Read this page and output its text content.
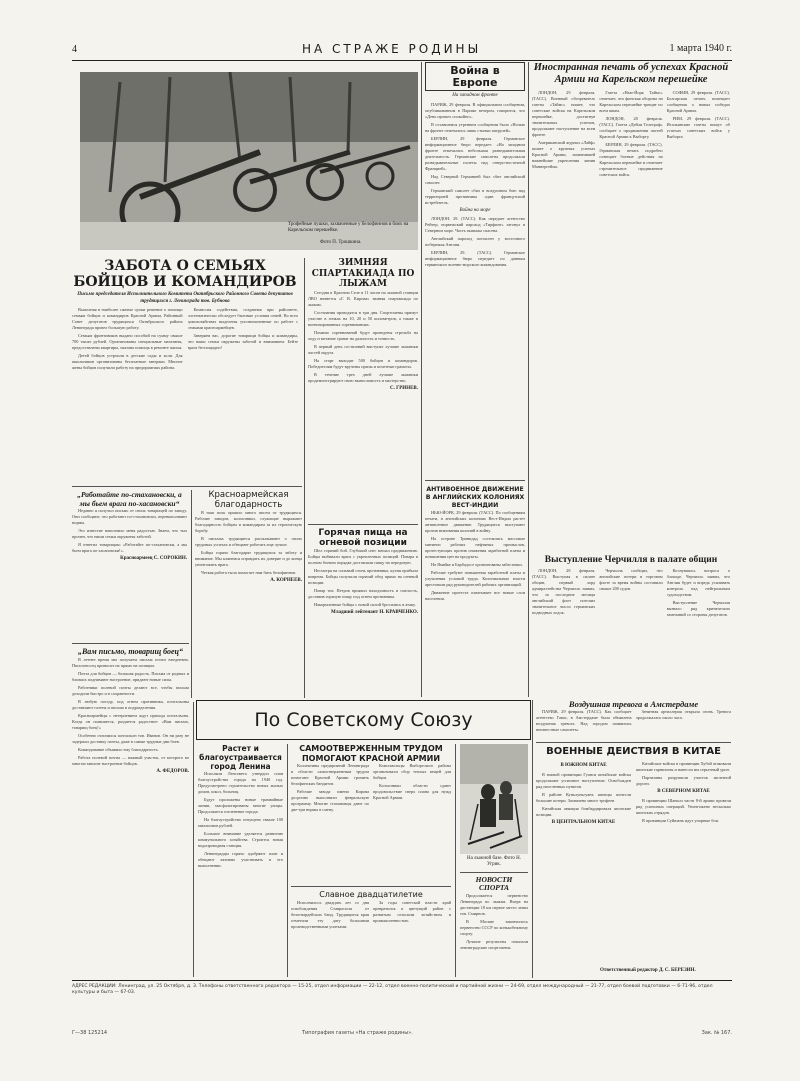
4	НА СТРАЖЕ РОДИНЫ	1 марта 1940 г.
Трофейные пушки, захваченные у белофиннов в боях на Карельском перешейке.
Фото П. Трошкина.

Война в Европе

На западном фронте

ПАРИЖ, 29 февраля. В официальном сообщении, опубликованном в Париже вечером, говорится, что «День прошел спокойно».

В оставшемся утреннем сообщении было «Ночью на фронте отмечались лишь стычки патрулей».

БЕРЛИН, 29 февраля. Германское информационное бюро передает: «На западном фронте отмечалась небольшая разведывательная деятельность. Германские самолеты продолжали разведывательные полеты над северо-восточной Францией».

Над Северной Германией был сбит английский самолет.

Германский самолет сбил в воздушном бою над территорией противника один французский истребитель.

Война на море

ЛОНДОН, 29. (ТАСС). Как передает агентство Рейтер, норвежский пароход «Тирфинг» затонул в Северном море. Часть экипажа спасена.

Английский пароход потоплен у восточного побережья Англии.

БЕРЛИН, 29. (ТАСС). Германское информационное бюро передает по данным германского военно-морского командования.

Иностранная печать об успехах Красной Армии на Карельском перешейке

ЛОНДОН, 29 февраля. (ТАСС). Военный обозреватель газеты «Таймс» пишет, что советские войска на Карельском перешейке, достигнув значительных успехов, продолжают наступление на всем фронте.

Американский журнал «Лайф» пишет о крупных успехах Красной Армии, захватившей важнейшие укрепления линии Маннергейма.

Газета «Нью-Йорк Таймс» отмечает, что финская оборона на Карельском перешейке трещит по всем швам.

ЛОНДОН, 28 февраля. (ТАСС). Газета «Дейли Телеграф» сообщает о продвижении частей Красной Армии к Выборгу.

БЕРЛИН, 29 февраля. (ТАСС). Германская печать подробно освещает боевые действия на Карельском перешейке и отмечает стремительное продвижение советских войск.

СОФИЯ, 29 февраля. (ТАСС). Болгарская печать помещает сообщения о новых победах Красной Армии.

РИМ, 29 февраля. (ТАСС). Итальянские газеты пишут об успехах советских войск у Выборга.

АНТИВОЕННОЕ ДВИЖЕНИЕ В АНГЛИЙСКИХ КОЛОНИЯХ ВЕСТ-ИНДИИ

НЬЮ-ЙОРК, 29 февраля. (ТАСС). По сообщениям печати, в английских колониях Вест-Индии растет антивоенное движение. Трудящиеся выступают против втягивания колоний в войну.

На острове Тринидад состоялись массовые митинги рабочих нефтяных промыслов, протестующих против снижения заработной платы и повышения цен на продукты.

На Ямайке и Барбадосе организованы забастовки.

Рабочие требуют повышения заработной платы и улучшения условий труда. Колониальные власти арестовали ряд руководителей рабочих организаций.

Движение протеста охватывает все новые слои населения.

Выступление Черчилля в палате общин

ЛОНДОН, 28 февраля. (ТАСС). Выступая в палате общин, первый лорд адмиралтейства Черчилль заявил, что за последние месяцы английский флот потопил значительное число германских подводных лодок.

Черчилль сообщил, что английские потери в торговом флоте за время войны составили свыше 200 судов.

Коснувшись вопроса о блокаде, Черчилль заявил, что Англия будет и впредь усиливать контроль над нейтральным судоходством.

Выступление Черчилля вызвало ряд критических замечаний со стороны депутатов.

ЗАБОТА О СЕМЬЯХ БОЙЦОВ И КОМАНДИРОВ

Письмо председателя Исполнительного Комитета Октябрьского Районного Совета депутатов трудящихся г. Ленинграда тов. Бубнова

Выполняя в наиболее сжатые сроки решение о помощи семьям бойцов и командиров Красной Армии, Районный Совет депутатов трудящихся Октябрьского района Ленинграда провел большую работу.

Семьям фронтовиков выдано пособий на сумму свыше 700 тысяч рублей. Организованы специальные магазины, предоставлены квартиры, оказана помощь в ремонте жилья.

Детей бойцов устроили в детские сады и ясли. Для школьников организованы бесплатные завтраки. Многие жены бойцов получили работу на предприятиях района.

Комиссия содействия, созданная при райсовете, систематически обследует бытовые условия семей. Во всех домохозяйствах выделены уполномоченные по работе с семьями красноармейцев.

Заверяем вас, дорогие товарищи бойцы и командиры, что ваши семьи окружены заботой и вниманием. Бейте врага беспощадно!

ЗИМНЯЯ СПАРТАКИАДА ПО ЛЫЖАМ

Сегодня в Красном Селе в 11 часов на лыжной станции ЛВО начнется «Г. В. Кирова» зимняя спартакиада по лыжам.

Состязания проводятся в три дня. Спортсмены примут участие в гонках на 10, 20 и 50 километров, а также в военизированных соревнованиях.

Помимо соревнований будут проведены стрельба на ходу и метание гранат на дальность и точность.

В первый день состязаний выступят лучшие лыжники частей округа.

На старт выходят 500 бойцов и командиров. Победителям будут вручены призы и почетные грамоты.

В течение трех дней лучшие лыжники продемонстрируют свою выносливость и мастерство.

С. ГРИНЕВ.

Горячая пища на огневой позиции

Шел горячий бой. Глубокий снег мешал продвижению. Бойцы выбивали врага с укрепленных позиций. Повара в полном боевом порядке доставляли пищу на передовую.

Несмотря на сильный огонь противника, кухня прибыла вовремя. Бойцы получили горячий обед прямо на огневой позиции.

Повар тов. Петров проявил находчивость и смелость, доставив горячую пищу под огнем противника.

Накормленные бойцы с новой силой бросились в атаку.

Младший лейтенант Н. КРАВЧЕНКО.

„Работайте по-стахановски, а мы бьем врага по-хасановски“

Недавно я получил письмо от своих товарищей по заводу. Они сообщают, что работают по-стахановски, перевыполняют нормы.

Это известие наполнило меня радостью. Знаем, что тыл прочен, что наши семьи окружены заботой.

Я ответил товарищам: «Работайте по-стахановски, а мы бьем врага по-хасановски!».

Красноармеец С. СОРОКИН.

Красноармейская благодарность

В наш полк пришло много писем от трудящихся. Рабочие заводов, колхозники, служащие выражают благодарность бойцам и командирам за их героическую борьбу.

В письмах трудящиеся рассказывают о своих трудовых успехах и обещают работать еще лучше.

Бойцы горячо благодарят трудящихся за заботу и внимание. Мы клянемся оправдать их доверие и до конца уничтожить врага.

Четкая работа тыла помогает нам бить белофиннов.

А. КОРНЕЕВ.

„Вам письмо, товарищ боец“

В летнее время мы получаем письма почти ежедневно. Письтоносец приносит их прямо на позиции.

Почта для бойцов — большая радость. Письма от родных и близких поднимают настроение, придают новые силы.

Работники полевой почты делают все, чтобы письма доходили быстро и в сохранности.

В любую погоду, под огнем противника, почтальоны доставляют газеты и письма в подразделения.

Красноармейцы с нетерпением ждут прихода почтальона. Когда он появляется, раздается радостное: «Вам письмо, товарищ боец!»

Особенно отличился почтальон тов. Иванов. Он ни разу не задержал доставку почты, даже в самые трудные дни боев.

Командование объявило ему благодарность.

Работа полевой почты — важный участок, от которого во многом зависит настроение бойцов.

А. ФЕДОРОВ.

По Советскому Союзу

Растет и благоустраивается город Ленина

Исполком Ленсовета утвердил план благоустройства города на 1940 год. Предусмотрено строительство новых жилых домов, школ, больниц.

Будут проложены новые трамвайные линии, заасфальтированы многие улицы. Продолжится озеленение города.

На благоустройство отпущено свыше 100 миллионов рублей.

Большое внимание уделяется развитию коммунального хозяйства. Строится новая водопроводная станция.

Ленинградцы горячо одобряют план и обещают активно участвовать в его выполнении.

САМООТВЕРЖЕННЫМ ТРУДОМ ПОМОГАЮТ КРАСНОЙ АРМИИ

Коллективы предприятий Ленинграда и области самоотверженным трудом помогают Красной Армии громить белофинских бандитов.

Рабочие завода имени Кирова досрочно выполнили февральскую программу. Многие стахановцы дают по две-три нормы в смену.

Комсомольцы Выборгского района организовали сбор теплых вещей для бойцов.

Колхозники области сдают продовольствие сверх плана для нужд Красной Армии.

Славное двадцатилетие

Исполнилось двадцать лет со дня освобождения Ставрополя от белогвардейских банд. Трудящиеся края отметили эту дату большими производственными успехами.

За годы советской власти край превратился в цветущий район с развитым сельским хозяйством и промышленностью.

На лыжной базе. Фото Н. Угрик.

НОВОСТИ СПОРТА

Продолжается первенство Ленинграда по лыжам. Вчера на дистанции 18 км первое место занял тов. Смирнов.

В Москве закончилось первенство СССР по конькобежному спорту.

Лучшие результаты показали ленинградские спортсмены.

Воздушная тревога в Амстердаме

ПАРИЖ, 29 февраля. (ТАСС). Как сообщает агентство Гавас, в Амстердаме была объявлена воздушная тревога. Над городом появились неизвестные самолеты.

Зенитная артиллерия открыла огонь. Тревога продолжалась около часа.

ВОЕННЫЕ ДЕЙСТВИЯ В КИТАЕ

В ЮЖНОМ КИТАЕ

В южной провинции Гуанси китайские войска продолжают успешное наступление. Освобожден ряд населенных пунктов.

В районе Куньлуньгуань японцы понесли большие потери. Захвачено много трофеев.

Китайская авиация бомбардировала японские позиции.

В ЦЕНТРАЛЬНОМ КИТАЕ

Китайские войска в провинции Хубэй атаковали японские гарнизоны и нанесли им серьезный урон.

Партизаны разрушили участок железной дороги.

В СЕВЕРНОМ КИТАЕ

В провинции Шаньси части 8-й армии провели ряд успешных операций. Уничтожено несколько японских отрядов.

В провинции Суйюань идут упорные бои.

Ответственный редактор Д. С. БЕРЕЗИН.
АДРЕС РЕДАКЦИИ: Ленинград, ул. 25 Октября, д. 3. Телефоны ответственного редактора — 15-25, отдел информации — 22-12, отдел военно-политический и партийной жизни — 24-69, отдел международный — 21-77, отдел боевой подготовки — 6-71-96, отдел культуры и быта — 67-03.
Г—38 125214	Типография газеты «На страже родины».	Зак. № 167.
